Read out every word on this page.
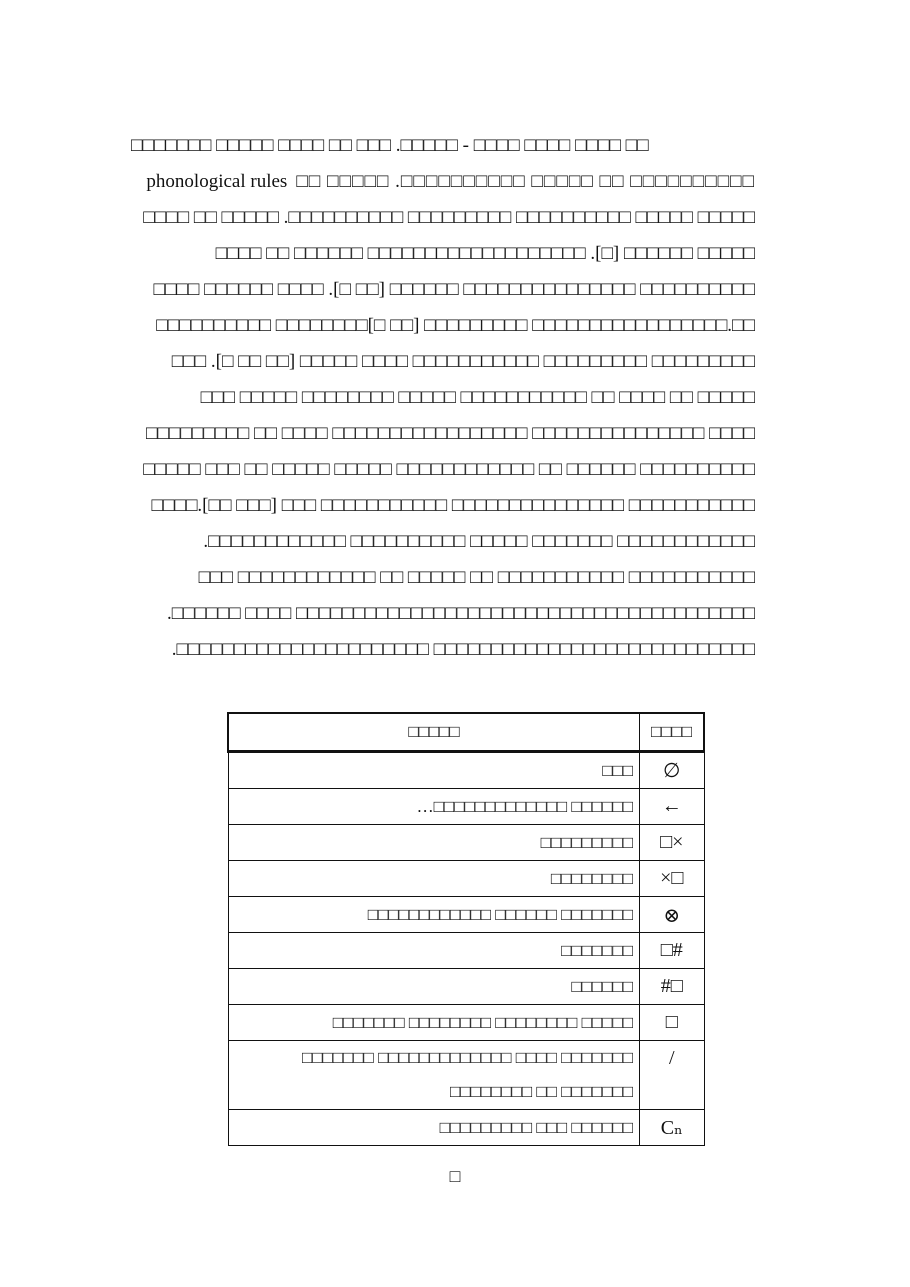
□□□□□□□ □□□□□ □□□□ □□ □□□ .□□□□□ - □□□□ □□□□ □□□□ □□
phonological rules □□ □□□□□ .□□□□□□□□□□ □□□□□ □□ □□□□□□□□□□
□□□□ □□ □□□□□ .□□□□□□□□□□ □□□□□□□□□ □□□□□□□□□□ □□□□□ □□□□□
□□□□ □□ □□□□□□ □□□□□□□□□□□□□□□□□□□ .[□] □□□□□□ □□□□□
□□□□ □□□□□□ □□□□ .[□ □□] □□□□□□ □□□□□□□□□□□□□□□ □□□□□□□□□□
□□□□□□□□□□ □□□□□□□□[□ □□] □□□□□□□□□ □□□□□□□□□□□□□□□□□.□□
□□□ .[□ □□ □□] □□□□□ □□□□ □□□□□□□□□□□ □□□□□□□□□ □□□□□□□□□
□□□ □□□□□ □□□□□□□□ □□□□□ □□□□□□□□□□□ □□ □□□□ □□ □□□□□
□□□□□□□□□ □□ □□□□ □□□□□□□□□□□□□□□□□ □□□□□□□□□□□□□□□ □□□□
□□□□□ □□□ □□ □□□□□ □□□□□ □□□□□□□□□□□□ □□ □□□□□□ □□□□□□□□□□
□□□□.[□□ □□□] □□□ □□□□□□□□□□□ □□□□□□□□□□□□□□□ □□□□□□□□□□□
.□□□□□□□□□□□□ □□□□□□□□□□ □□□□□ □□□□□□□ □□□□□□□□□□□□
□□□ □□□□□□□□□□□□ □□ □□□□□ □□ □□□□□□□□□□□ □□□□□□□□□□□
.□□□□□□ □□□□ □□□□□□□□□□□□□□□□□□□□□□□□□□□□□□□□□□□□□□□□
.□□□□□□□□□□□□□□□□□□□□□□ □□□□□□□□□□□□□□□□□□□□□□□□□□□□
□□□□□	□□□□
□□□	∅
…□□□□□□□□□□□□□ □□□□□□	←
□□□□□□□□□	□×
□□□□□□□□	×□
□□□□□□□□□□□□ □□□□□□ □□□□□□□	⊗
□□□□□□□	□#
□□□□□□	#□
□□□□□□□ □□□□□□□□ □□□□□□□□ □□□□□	□
□□□□□□□ □□□□□□□□□□□□□ □□□□ □□□□□□□ □□□□□□□□ □□ □□□□□□□	/
□□□□□□□□□ □□□ □□□□□□	Cₙ
□
